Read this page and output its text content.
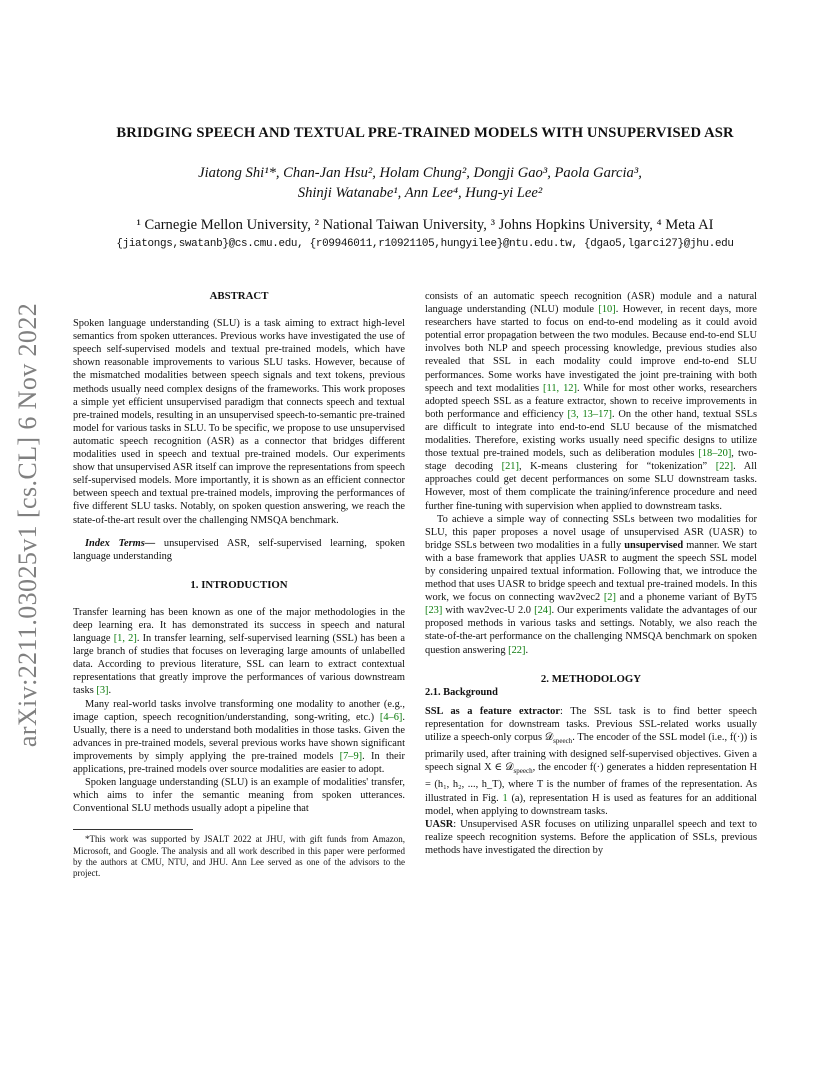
arXiv:2211.03025v1 [cs.CL] 6 Nov 2022
BRIDGING SPEECH AND TEXTUAL PRE-TRAINED MODELS WITH UNSUPERVISED ASR
Jiatong Shi¹*, Chan-Jan Hsu², Holam Chung², Dongji Gao³, Paola Garcia³,
Shinji Watanabe¹, Ann Lee⁴, Hung-yi Lee²
¹ Carnegie Mellon University, ² National Taiwan University, ³ Johns Hopkins University, ⁴ Meta AI
{jiatongs,swatanb}@cs.cmu.edu, {r09946011,r10921105,hungyilee}@ntu.edu.tw, {dgao5,lgarci27}@jhu.edu
ABSTRACT

Spoken language understanding (SLU) is a task aiming to extract high-level semantics from spoken utterances. Previous works have investigated the use of speech self-supervised models and textual pre-trained models, which have shown reasonable improvements to various SLU tasks. However, because of the mismatched modalities between speech signals and text tokens, previous methods usually need complex designs of the frameworks. This work proposes a simple yet efficient unsupervised paradigm that connects speech and textual pre-trained models, resulting in an unsupervised speech-to-semantic pre-trained model for various tasks in SLU. To be specific, we propose to use unsupervised automatic speech recognition (ASR) as a connector that bridges different modalities used in speech and textual pre-trained models. Our experiments show that unsupervised ASR itself can improve the representations from speech self-supervised models. More importantly, it is shown as an efficient connector between speech and textual pre-trained models, improving the performances of five different SLU tasks. Notably, on spoken question answering, we reach the state-of-the-art result over the challenging NMSQA benchmark.

Index Terms— unsupervised ASR, self-supervised learning, spoken language understanding

1. INTRODUCTION

Transfer learning has been known as one of the major methodologies in the deep learning era. It has demonstrated its success in speech and natural language [1, 2]. In transfer learning, self-supervised learning (SSL) has been a large branch of studies that focuses on leveraging large amounts of unlabelled data. According to previous literature, SSL can learn to extract contextual representations that greatly improve the performances of various downstream tasks [3].

Many real-world tasks involve transforming one modality to another (e.g., image caption, speech recognition/understanding, song-writing, etc.) [4–6]. Usually, there is a need to understand both modalities in those tasks. Given the advances in pre-trained models, several previous works have shown significant improvements by simply applying the pre-trained models [7–9]. In their applications, pre-trained models over source modalities are easier to adopt.

Spoken language understanding (SLU) is an example of modalities' transfer, which aims to infer the semantic meaning from spoken utterances. Conventional SLU methods usually adopt a pipeline that

*This work was supported by JSALT 2022 at JHU, with gift funds from Amazon, Microsoft, and Google. The analysis and all work described in this paper were performed by the authors at CMU, NTU, and JHU. Ann Lee served as one of the advisors to the project.

consists of an automatic speech recognition (ASR) module and a natural language understanding (NLU) module [10]. However, in recent days, more researchers have started to focus on end-to-end modeling as it could avoid potential error propagation between the two modules. Because end-to-end SLU involves both NLP and speech processing knowledge, previous studies also revealed that SSL in each modality could improve end-to-end SLU performances. Some works have investigated the joint pre-training with both speech and text modalities [11, 12]. While for most other works, researchers adopted speech SSL as a feature extractor, shown to receive improvements in both performance and efficiency [3, 13–17]. On the other hand, textual SSLs are difficult to integrate into end-to-end SLU because of the mismatched modalities. Therefore, existing works usually need specific designs to utilize those textual pre-trained models, such as deliberation modules [18–20], two-stage decoding [21], K-means clustering for “tokenization” [22]. All approaches could get decent performances on some SLU downstream tasks. However, most of them complicate the training/inference procedure and need further fine-tuning with supervision when applied to downstream tasks.

To achieve a simple way of connecting SSLs between two modalities for SLU, this paper proposes a novel usage of unsupervised ASR (UASR) to bridge SSLs between two modalities in a fully unsupervised manner. We start with a base framework that applies UASR to augment the speech SSL model by considering unpaired textual information. Following that, we introduce the method that uses UASR to bridge speech and textual pre-trained models. In this work, we focus on connecting wav2vec2 [2] and a phoneme variant of ByT5 [23] with wav2vec-U 2.0 [24]. Our experiments validate the advantages of our proposed methods in various tasks and settings. Notably, we also reach the state-of-the-art performance on the challenging NMSQA benchmark on spoken question answering [22].

2. METHODOLOGY

2.1. Background

SSL as a feature extractor: The SSL task is to find better speech representation for downstream tasks. Previous SSL-related works usually utilize a speech-only corpus 𝒟$_{speech}$. The encoder of the SSL model (i.e., f(·)) is primarily used, after training with designed self-supervised objectives. Given a speech signal X ∈ 𝒟$_{speech}$, the encoder f(·) generates a hidden representation H = (h₁, h₂, ..., h_T), where T is the number of frames of the representation. As illustrated in Fig. 1 (a), representation H is used as features for an additional model, when applying to downstream tasks.

UASR: Unsupervised ASR focuses on utilizing unparallel speech and text to realize speech recognition systems. Before the application of SSLs, previous methods have investigated the direction by
